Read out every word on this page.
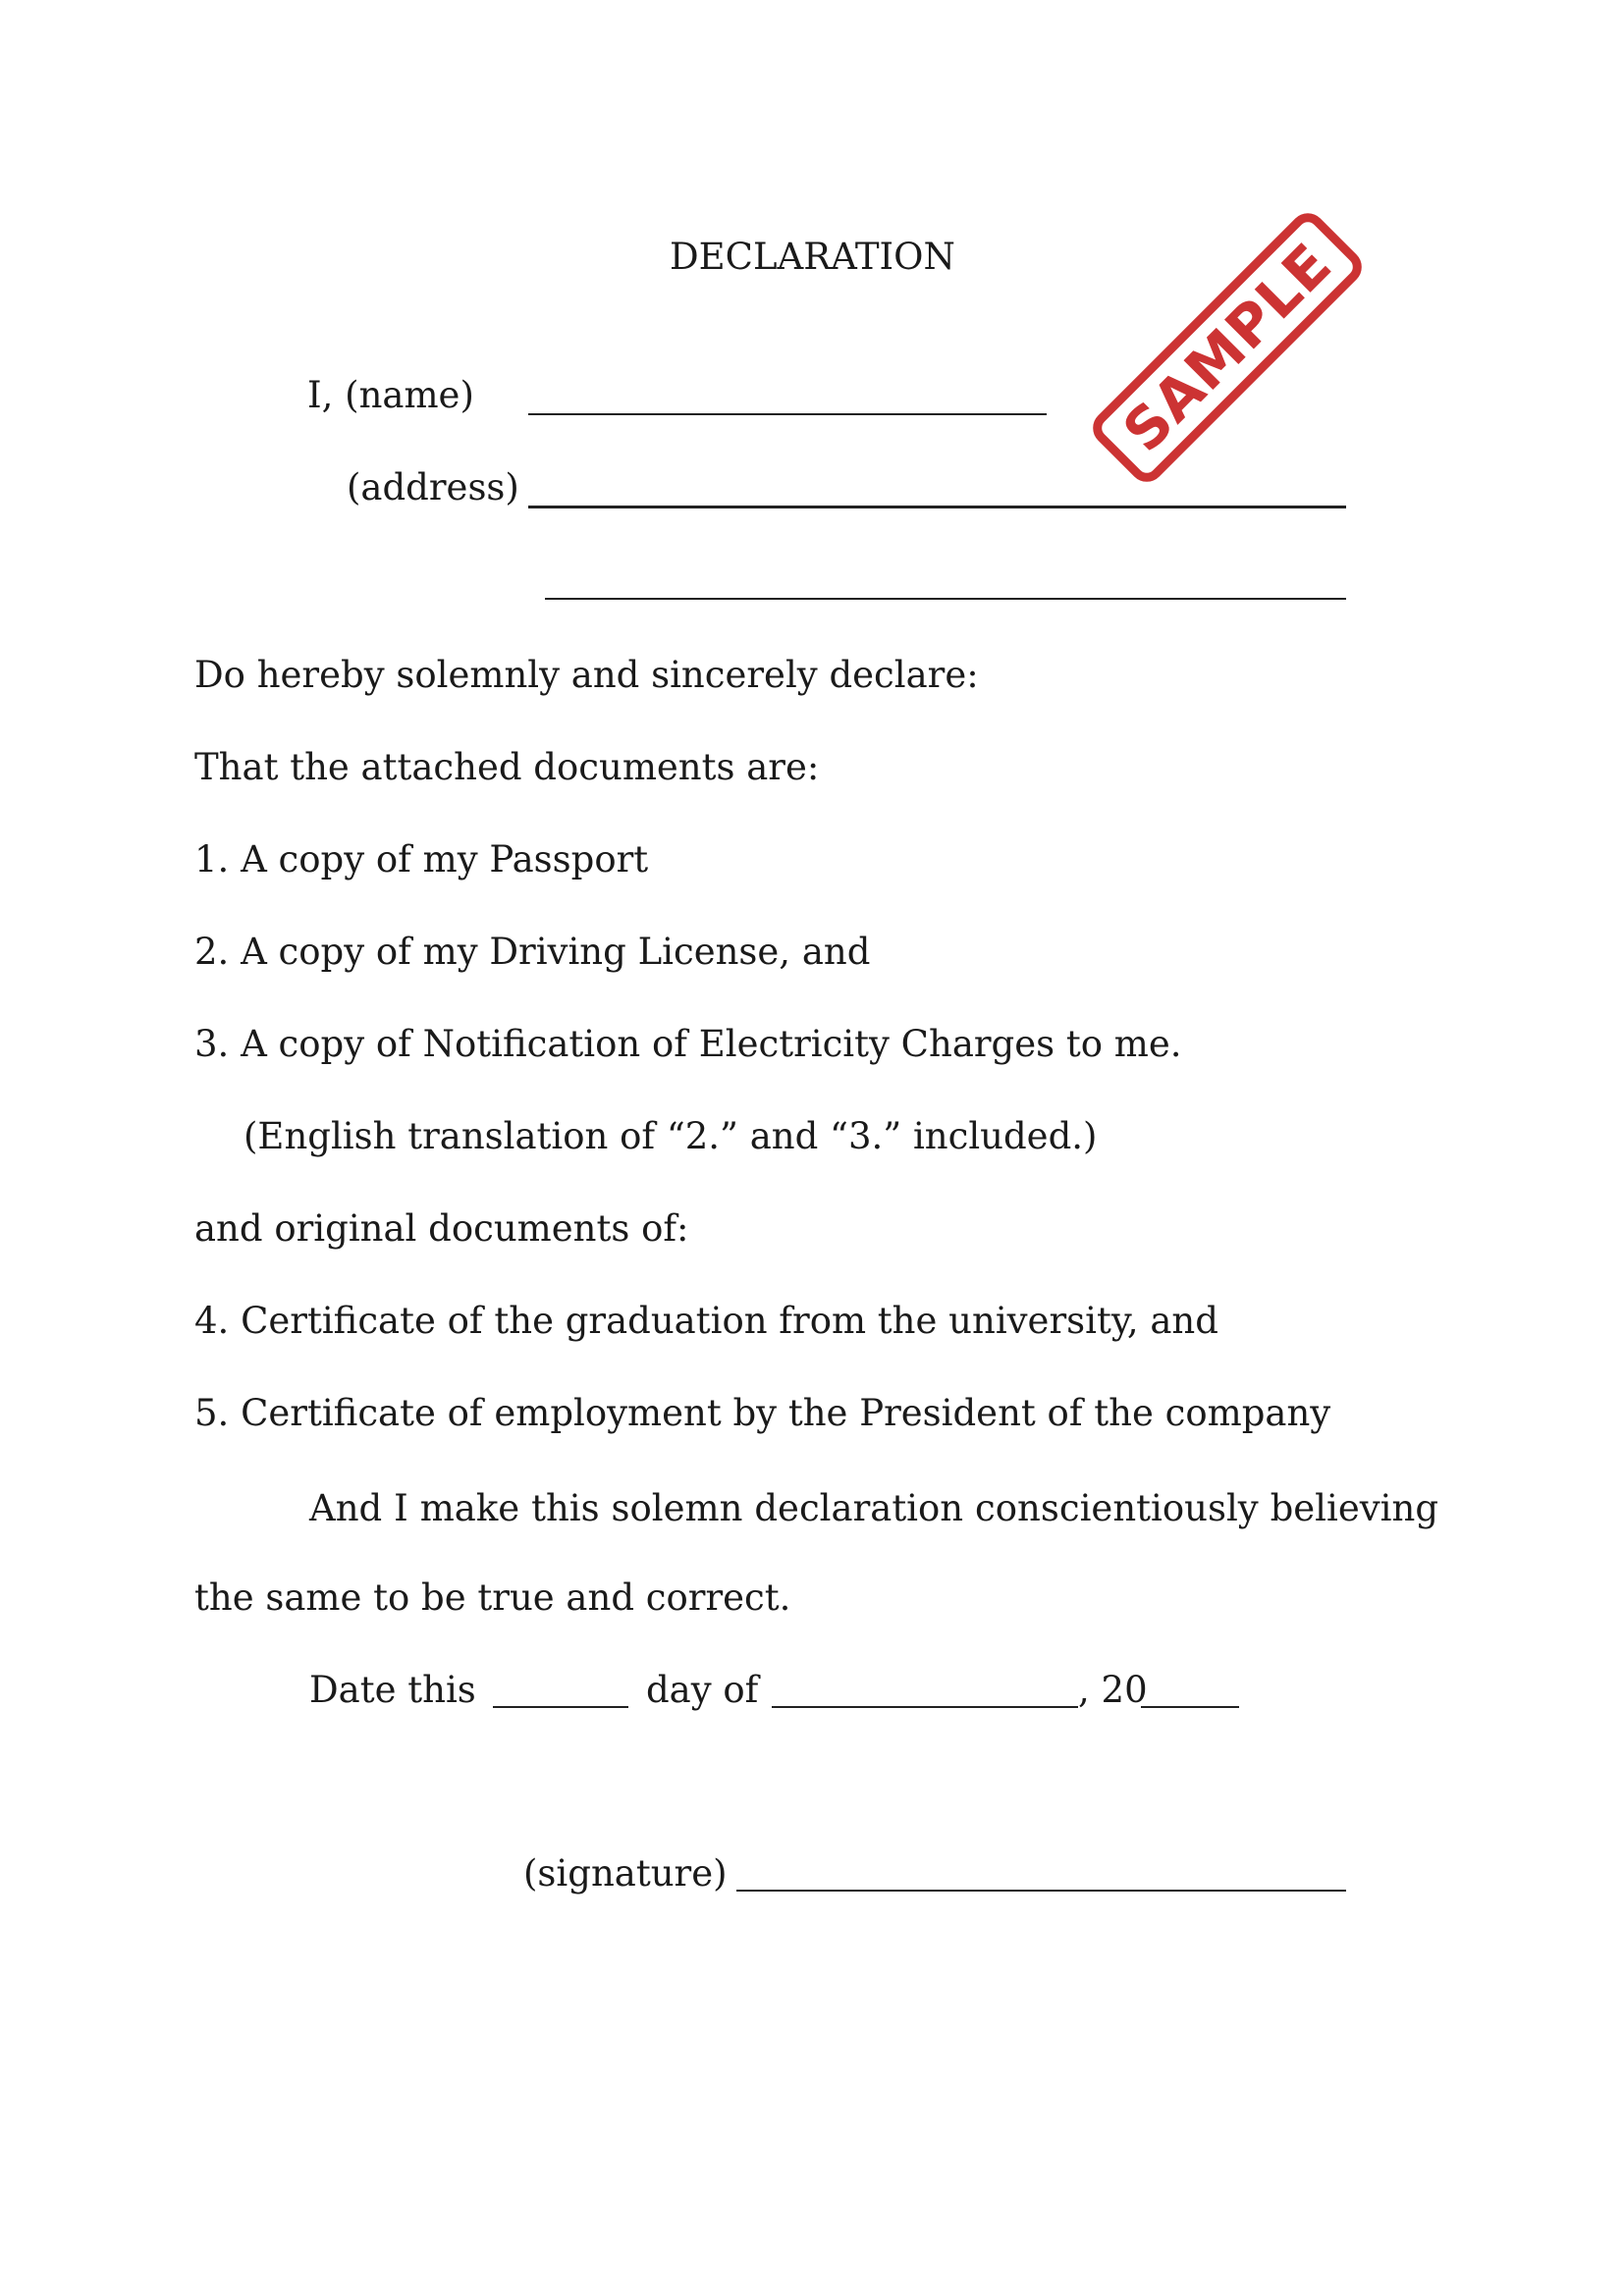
DECLARATION
I, (name)
(address)
Do hereby solemnly and sincerely declare:
That the attached documents are:
1. A copy of my Passport
2. A copy of my Driving License, and
3. A copy of Notification of Electricity Charges to me.
(English translation of “2.” and “3.” included.)
and original documents of:
4. Certificate of the graduation from the university, and
5. Certificate of employment by the President of the company
And I make this solemn declaration conscientiously believing
the same to be true and correct.
Date this	day of	, 20
(signature)
SAMPLE
